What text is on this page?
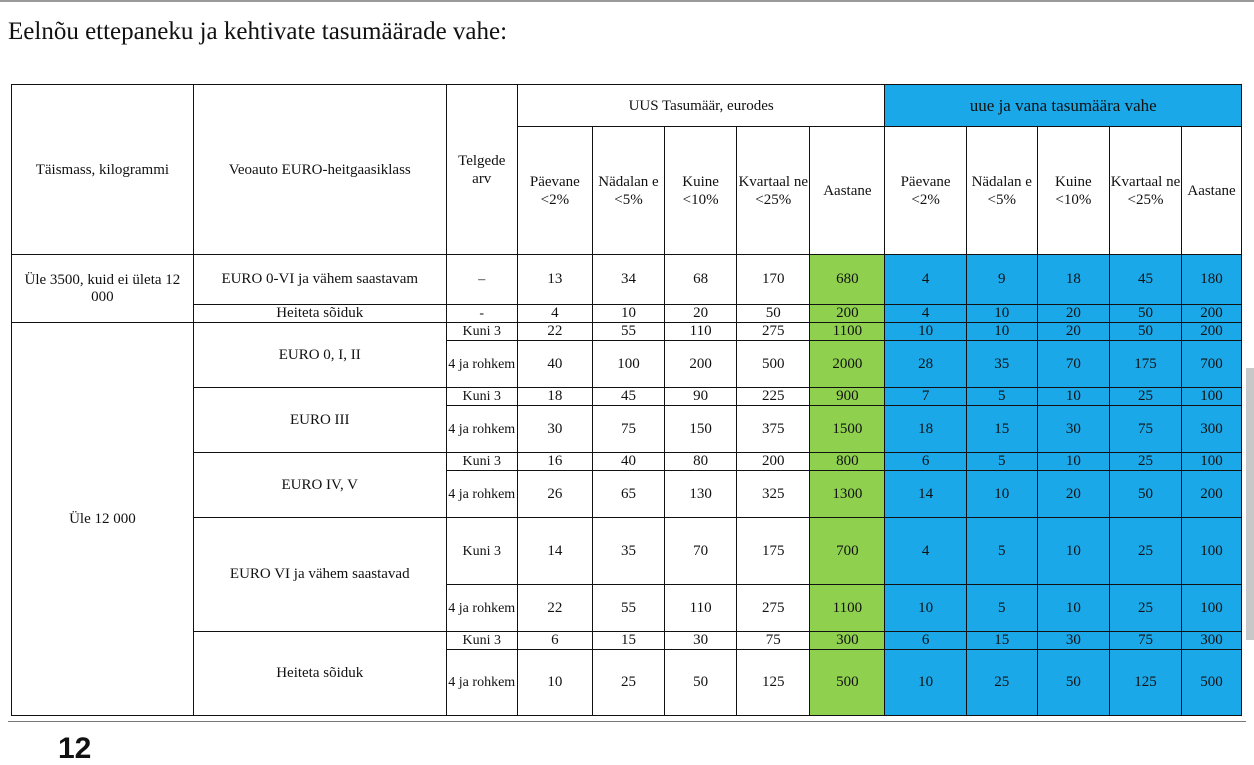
Eelnõu ettepaneku ja kehtivate tasumäärade vahe:
Täismass, kilogrammi	Veoauto EURO-heitgaasiklass	Telgede arv	UUS Tasumäär, eurodes					uue ja vana tasumäära vahe				
			Päevane <2%	Nädalan e <5%	Kuine <10%	Kvartaal ne <25%	Aastane	Päevane <2%	Nädalan e <5%	Kuine <10%	Kvartaal ne <25%	Aastane
Üle 3500, kuid ei ületa 12 000	EURO 0-VI ja vähem saastavam	–	13	34	68	170	680	4	9	18	45	180
	Heiteta sõiduk	-	4	10	20	50	200	4	10	20	50	200
Üle 12 000	EURO 0, I, II	Kuni 3	22	55	110	275	1100	10	10	20	50	200
		4 ja rohkem	40	100	200	500	2000	28	35	70	175	700
	EURO III	Kuni 3	18	45	90	225	900	7	5	10	25	100
		4 ja rohkem	30	75	150	375	1500	18	15	30	75	300
	EURO IV, V	Kuni 3	16	40	80	200	800	6	5	10	25	100
		4 ja rohkem	26	65	130	325	1300	14	10	20	50	200
	EURO VI ja vähem saastavad	Kuni 3	14	35	70	175	700	4	5	10	25	100
		4 ja rohkem	22	55	110	275	1100	10	5	10	25	100
	Heiteta sõiduk	Kuni 3	6	15	30	75	300	6	15	30	75	300
		4 ja rohkem	10	25	50	125	500	10	25	50	125	500
12
